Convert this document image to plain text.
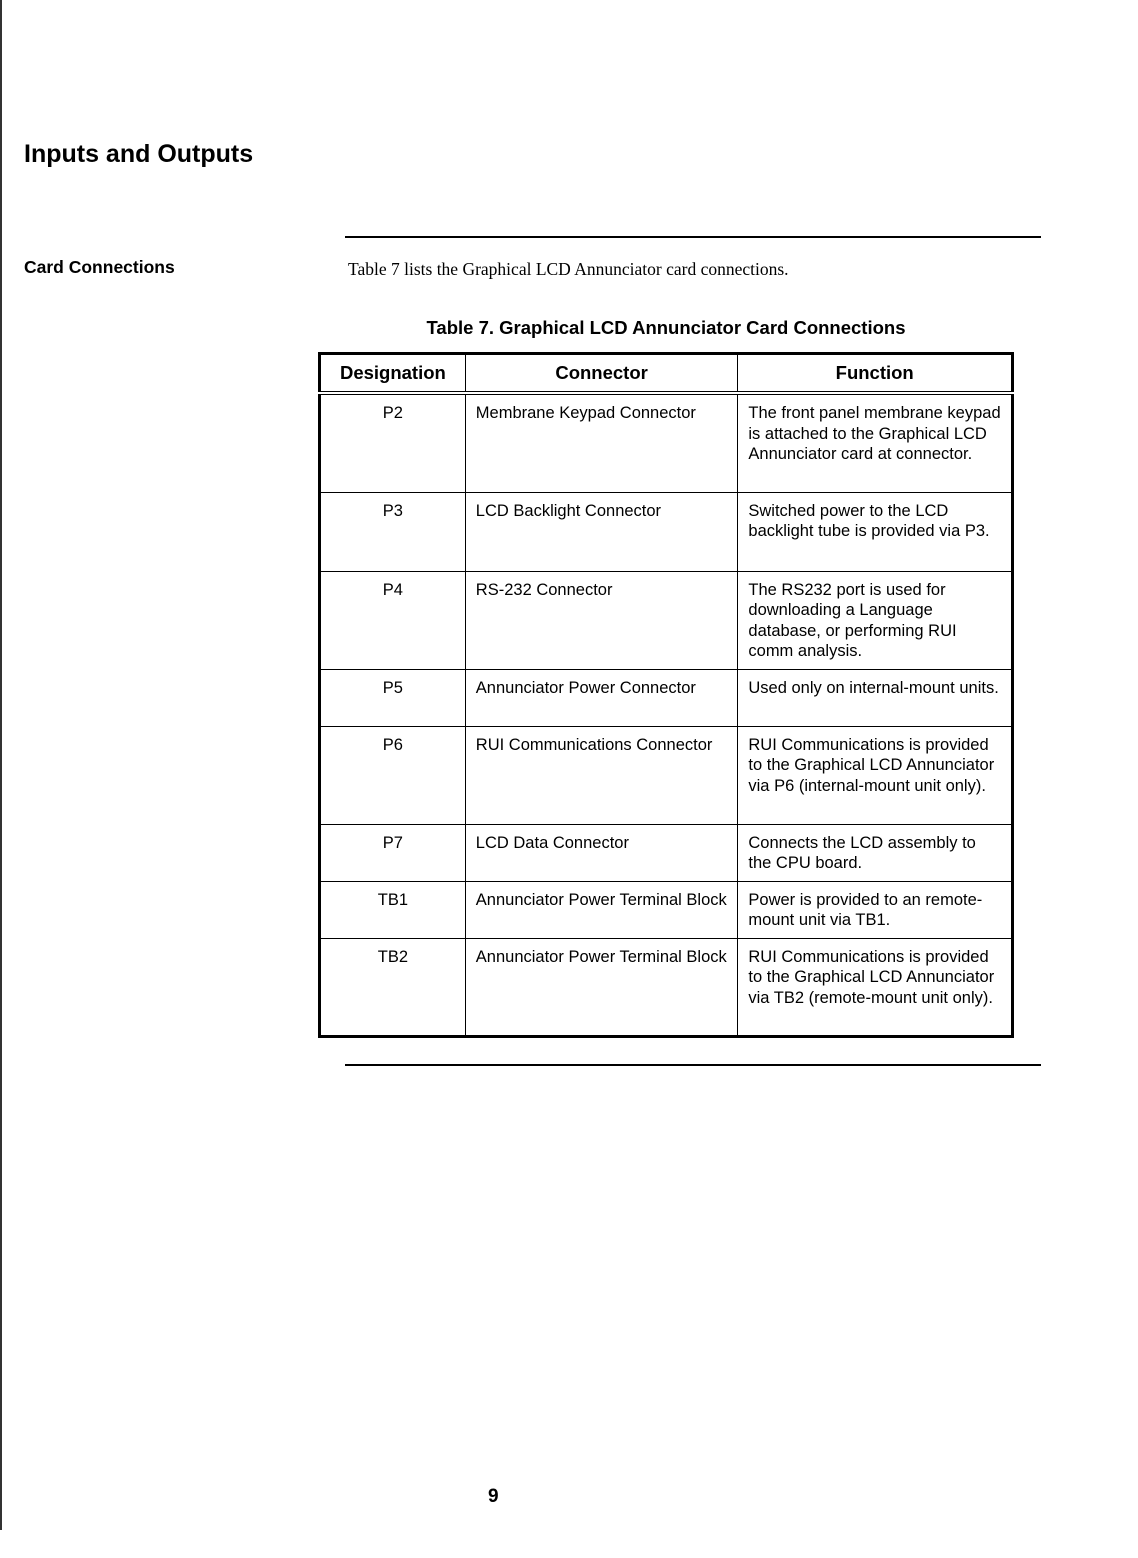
Inputs and Outputs
Card Connections	Table 7 lists the Graphical LCD Annunciator card connections.

Table 7. Graphical LCD Annunciator Card Connections

Designation	Connector	Function
P2	Membrane Keypad Connector	The front panel membrane keypad is attached to the Graphical LCD Annunciator card at connector.
P3	LCD Backlight Connector	Switched power to the LCD backlight tube is provided via P3.
P4	RS-232 Connector	The RS232 port is used for downloading a Language database, or performing RUI comm analysis.
P5	Annunciator Power Connector	Used only on internal-mount units.
P6	RUI Communications Connector	RUI Communications is provided to the Graphical LCD Annunciator via P6 (internal-mount unit only).
P7	LCD Data Connector	Connects the LCD assembly to the CPU board.
TB1	Annunciator Power Terminal Block	Power is provided to an remote-mount unit via TB1.
TB2	Annunciator Power Terminal Block	RUI Communications is provided to the Graphical LCD Annunciator via TB2 (remote-mount unit only).

9
